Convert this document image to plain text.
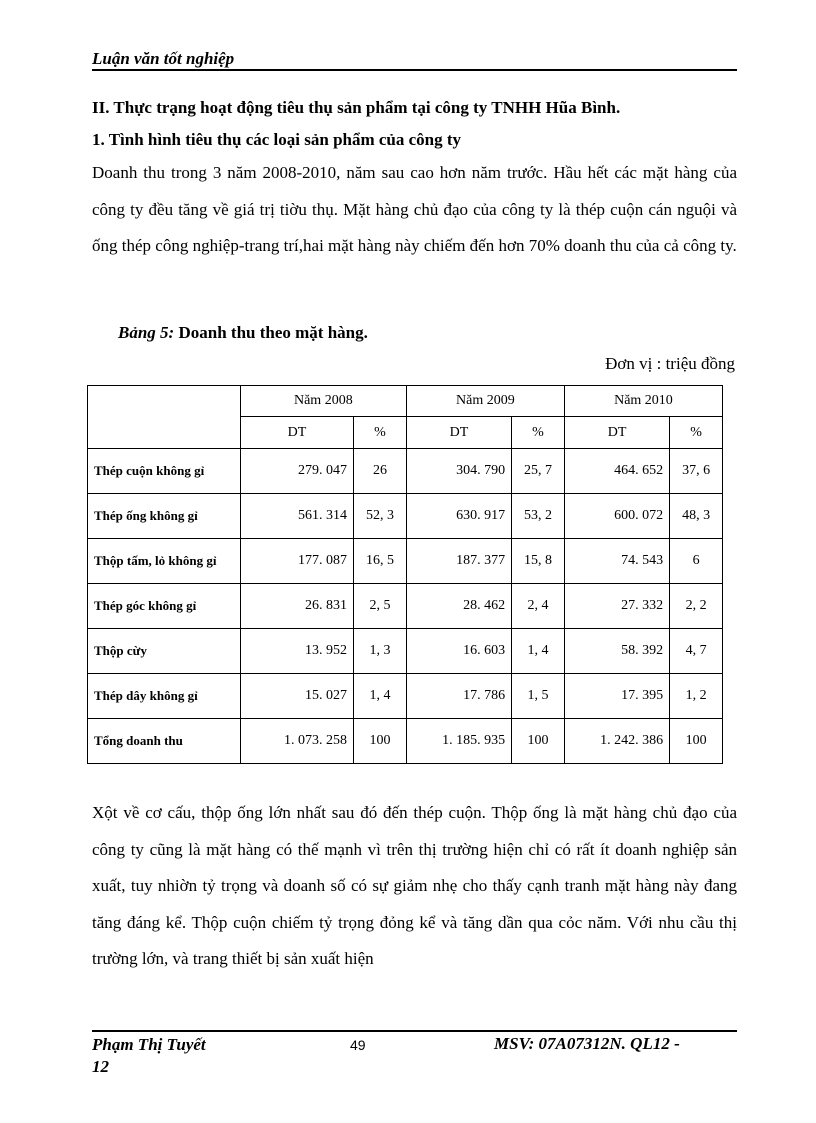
Luận văn tốt nghiệp
II. Thực trạng hoạt động tiêu thụ sản phẩm tại công ty TNHH Hũa Bình.
1. Tình hình tiêu thụ các loại sản phẩm của công ty
Doanh thu trong 3 năm 2008-2010, năm sau cao hơn năm trước. Hầu hết các mặt hàng của công ty đều tăng về giá trị tiờu thụ. Mặt hàng chủ đạo của công ty là thép cuộn cán nguội và ống thép công nghiệp-trang trí,hai mặt hàng này chiếm đến hơn 70% doanh thu của cả công ty.
Bảng 5: Doanh thu theo mặt hàng.
Đơn vị : triệu đồng
	Năm 2008		Năm 2009		Năm 2010	
	DT	%	DT	%	DT	%
Thép cuộn không gỉ	279. 047	26	304. 790	25, 7	464. 652	37, 6
Thép ống không gỉ	561. 314	52, 3	630. 917	53, 2	600. 072	48, 3
Thộp tấm, lỏ không gỉ	177. 087	16, 5	187. 377	15, 8	74. 543	6
Thép góc không gỉ	26. 831	2, 5	28. 462	2, 4	27. 332	2, 2
Thộp cừy	13. 952	1, 3	16. 603	1, 4	58. 392	4, 7
Thép dây không gỉ	15. 027	1, 4	17. 786	1, 5	17. 395	1, 2
Tổng doanh thu	1. 073. 258	100	1. 185. 935	100	1. 242. 386	100
Xột về cơ cấu, thộp ống lớn nhất sau đó đến thép cuộn. Thộp ống là mặt hàng chủ đạo của công ty cũng là mặt hàng có thế mạnh vì trên thị trường hiện chỉ có rất ít doanh nghiệp sản xuất, tuy nhiờn tỷ trọng và doanh số có sự giảm nhẹ cho thấy cạnh tranh mặt hàng này đang tăng đáng kể. Thộp cuộn chiếm tỷ trọng đỏng kể và tăng dần qua cỏc năm. Với nhu cầu thị trường lớn, và trang thiết bị sản xuất hiện
Phạm Thị Tuyết
12
49	MSV: 07A07312N. QL12 -
